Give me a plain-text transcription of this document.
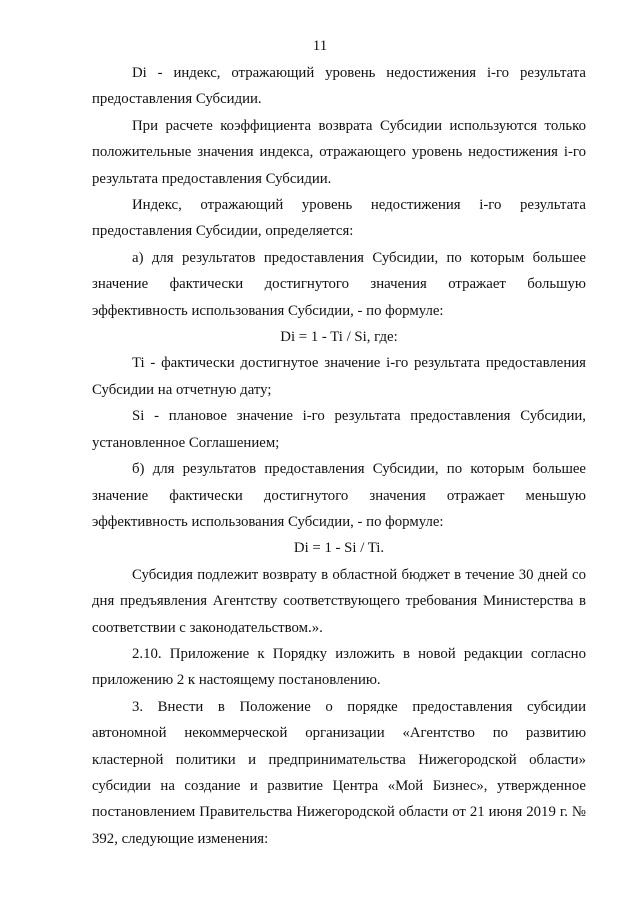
11

Di - индекс, отражающий уровень недостижения i-го результата предоставления Субсидии.

При расчете коэффициента возврата Субсидии используются только положительные значения индекса, отражающего уровень недостижения i-го результата предоставления Субсидии.

Индекс, отражающий уровень недостижения i-го результата предоставления Субсидии, определяется:

а) для результатов предоставления Субсидии, по которым большее значение фактически достигнутого значения отражает большую эффективность использования Субсидии, - по формуле:

Di = 1 - Ti / Si, где:

Ti - фактически достигнутое значение i-го результата предоставления Субсидии на отчетную дату;

Si - плановое значение i-го результата предоставления Субсидии, установленное Соглашением;

б) для результатов предоставления Субсидии, по которым большее значение фактически достигнутого значения отражает меньшую эффективность использования Субсидии, - по формуле:

Di = 1 - Si / Ti.

Субсидия подлежит возврату в областной бюджет в течение 30 дней со дня предъявления Агентству соответствующего требования Министерства в соответствии с законодательством.».

2.10. Приложение к Порядку изложить в новой редакции согласно приложению 2 к настоящему постановлению.

3. Внести в Положение о порядке предоставления субсидии автономной некоммерческой организации «Агентство по развитию кластерной политики и предпринимательства Нижегородской области» субсидии на создание и развитие Центра «Мой Бизнес», утвержденное постановлением Правительства Нижегородской области от 21 июня 2019 г. № 392, следующие изменения:
